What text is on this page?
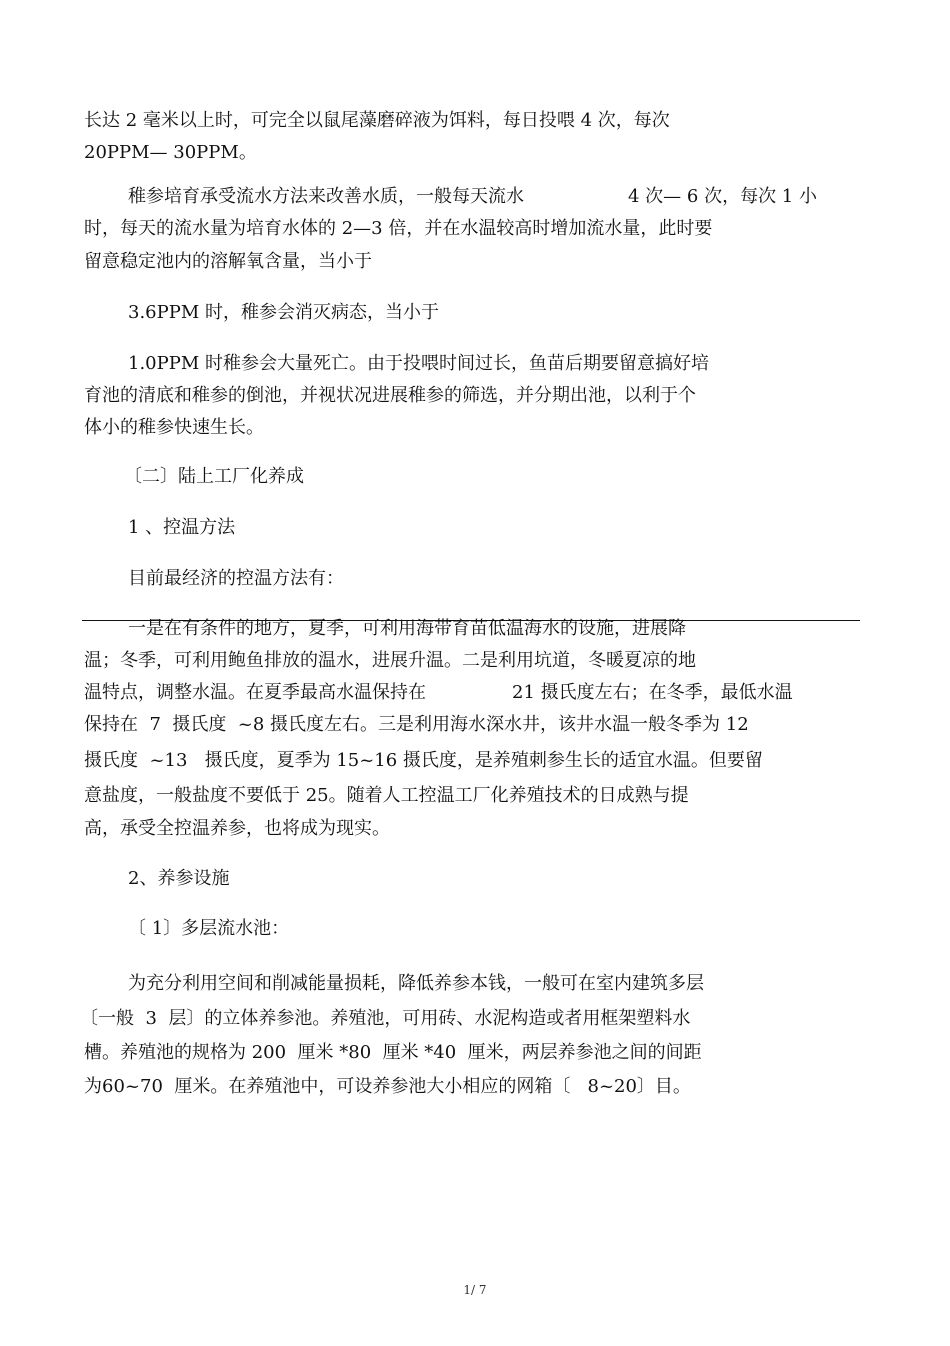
长达 2 毫米以上时，可完全以鼠尾藻磨碎液为饵料，每日投喂 4 次，每次
20PPM— 30PPM。
稚参培育承受流水方法来改善水质，一般每天流水	4 次— 6 次，每次 1 小
时，每天的流水量为培育水体的 2—3 倍，并在水温较高时增加流水量，此时要
留意稳定池内的溶解氧含量，当小于
3.6PPM 时，稚参会消灭病态，当小于
1.0PPM 时稚参会大量死亡。由于投喂时间过长，鱼苗后期要留意搞好培
育池的清底和稚参的倒池，并视状况进展稚参的筛选，并分期出池，以利于个
体小的稚参快速生长。
〔二〕陆上工厂化养成
1 、控温方法
目前最经济的控温方法有：
一是在有条件的地方，夏季，可利用海带育苗低温海水的设施，进展降
温；冬季，可利用鲍鱼排放的温水，进展升温。二是利用坑道，冬暖夏凉的地
温特点，调整水温。在夏季最高水温保持在	21 摄氏度左右；在冬季，最低水温
保持在  7  摄氏度  ~8 摄氏度左右。三是利用海水深水井，该井水温一般冬季为 12
摄氏度  ~13   摄氏度，夏季为 15~16 摄氏度，是养殖刺参生长的适宜水温。但要留
意盐度，一般盐度不要低于 25。随着人工控温工厂化养殖技术的日成熟与提
高，承受全控温养参，也将成为现实。
2、养参设施
〔 1〕多层流水池：
为充分利用空间和削减能量损耗，降低养参本钱，一般可在室内建筑多层
〔一般  3  层〕的立体养参池。养殖池，可用砖、水泥构造或者用框架塑料水
槽。养殖池的规格为 200  厘米 *80  厘米 *40  厘米，两层养参池之间的间距
为60~70  厘米。在养殖池中，可设养参池大小相应的网箱〔   8~20〕目。
1/ 7
